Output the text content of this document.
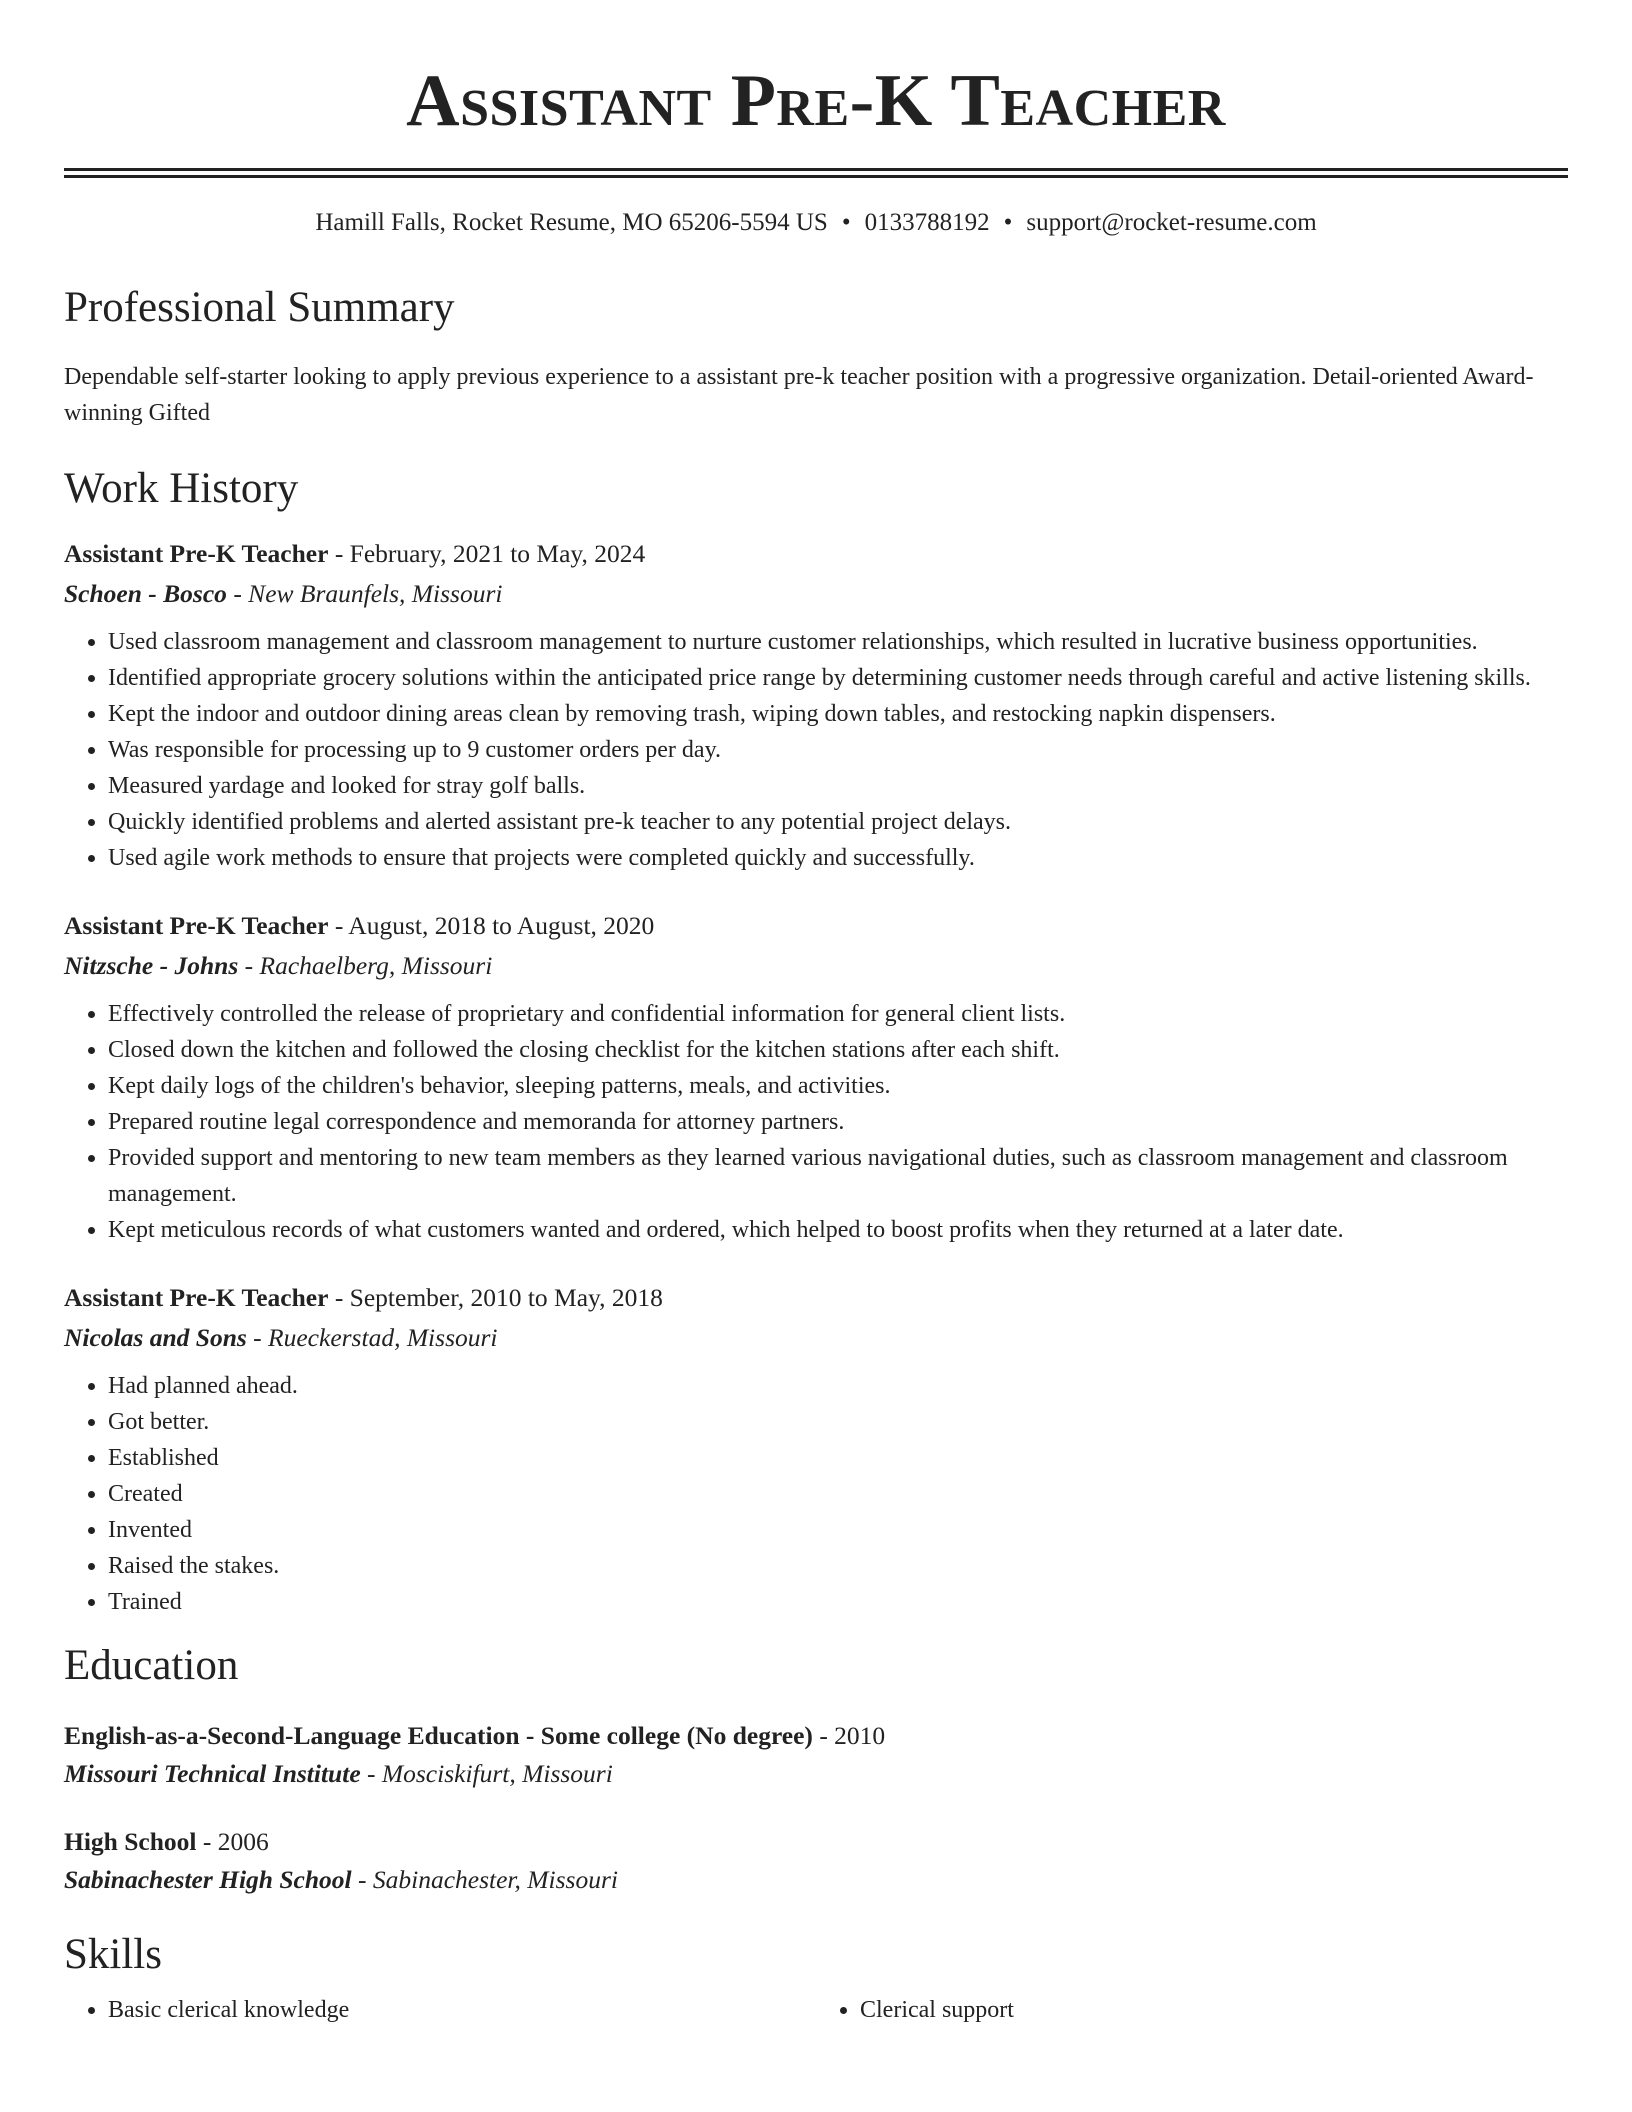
Assistant Pre-K Teacher
Hamill Falls, Rocket Resume, MO 65206-5594 US • 0133788192 • support@rocket-resume.com
Professional Summary
Dependable self-starter looking to apply previous experience to a assistant pre-k teacher position with a progressive organization. Detail-oriented Award-winning Gifted
Work History
Assistant Pre-K Teacher - February, 2021 to May, 2024
Schoen - Bosco - New Braunfels, Missouri
• Used classroom management and classroom management to nurture customer relationships, which resulted in lucrative business opportunities.
• Identified appropriate grocery solutions within the anticipated price range by determining customer needs through careful and active listening skills.
• Kept the indoor and outdoor dining areas clean by removing trash, wiping down tables, and restocking napkin dispensers.
• Was responsible for processing up to 9 customer orders per day.
• Measured yardage and looked for stray golf balls.
• Quickly identified problems and alerted assistant pre-k teacher to any potential project delays.
• Used agile work methods to ensure that projects were completed quickly and successfully.
Assistant Pre-K Teacher - August, 2018 to August, 2020
Nitzsche - Johns - Rachaelberg, Missouri
• Effectively controlled the release of proprietary and confidential information for general client lists.
• Closed down the kitchen and followed the closing checklist for the kitchen stations after each shift.
• Kept daily logs of the children's behavior, sleeping patterns, meals, and activities.
• Prepared routine legal correspondence and memoranda for attorney partners.
• Provided support and mentoring to new team members as they learned various navigational duties, such as classroom management and classroom management.
• Kept meticulous records of what customers wanted and ordered, which helped to boost profits when they returned at a later date.
Assistant Pre-K Teacher - September, 2010 to May, 2018
Nicolas and Sons - Rueckerstad, Missouri
• Had planned ahead.
• Got better.
• Established
• Created
• Invented
• Raised the stakes.
• Trained
Education
English-as-a-Second-Language Education - Some college (No degree) - 2010
Missouri Technical Institute - Mosciskifurt, Missouri
High School - 2006
Sabinachester High School - Sabinachester, Missouri
Skills
• Basic clerical knowledge
•	Clerical support
